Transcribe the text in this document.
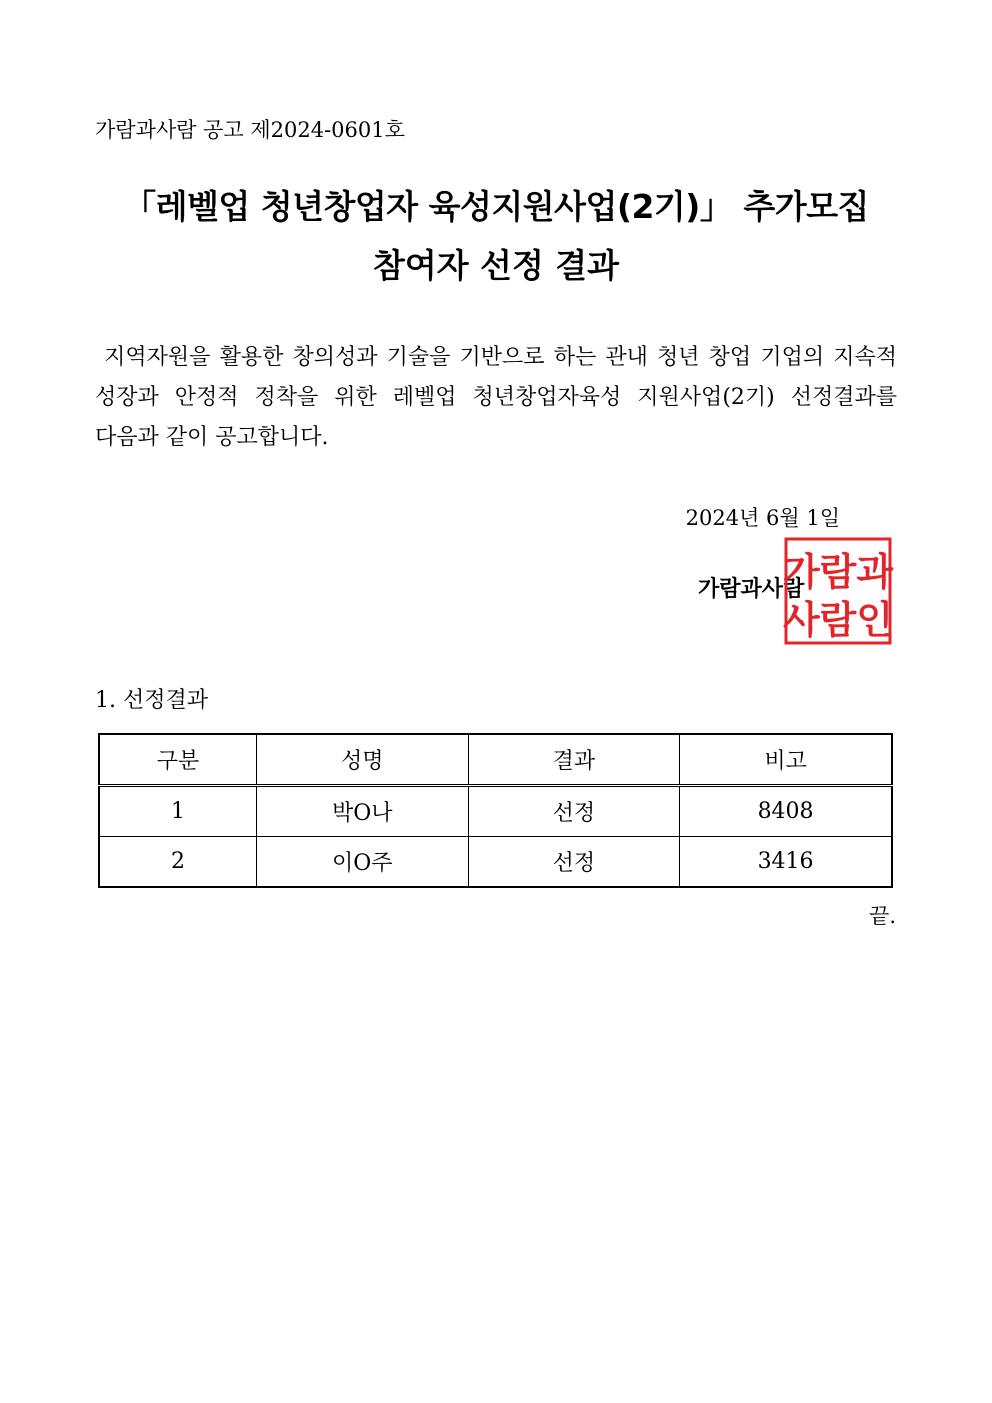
가람과사람 공고 제2024-0601호
「레벨업 청년창업자 육성지원사업(2기)」 추가모집
참여자 선정 결과
지역자원을 활용한 창의성과 기술을 기반으로 하는 관내 청년 창업 기업의 지속적 성장과 안정적 정착을 위한 레벨업 청년창업자육성 지원사업(2기) 선정결과를 다음과 같이 공고합니다.
2024년 6월 1일
가람과사람
가람과
사람인
1. 선정결과
구분	성명	결과	비고
1	박O나	선정	8408
2	이O주	선정	3416
끝.
